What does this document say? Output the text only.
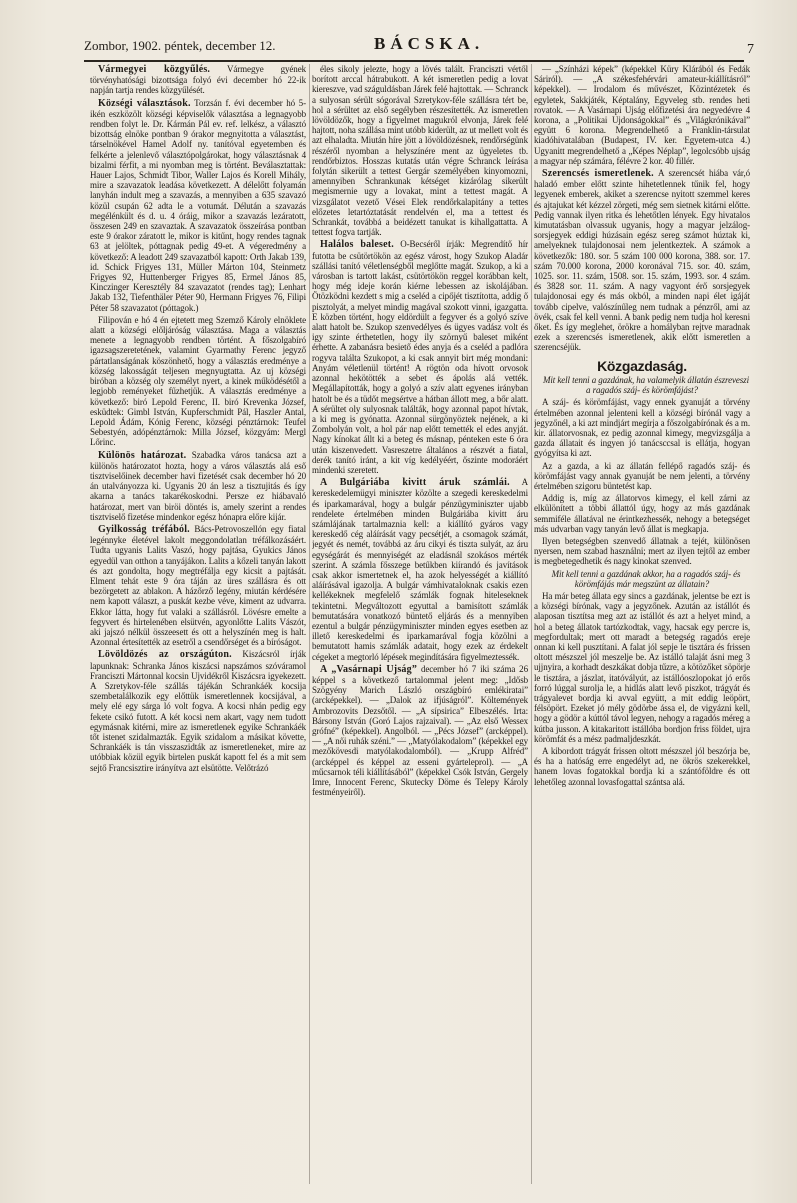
Zombor, 1902. péntek, december 12.	BÁCSKA.	7

Vármegyei közgyűlés. Vármegye gyének törvényhatósági bizottsága folyó évi december hó 22-ik napján tartja rendes közgyűlését.

Községi választások. Torzsán f. évi december hó 5-ikén eszközölt községi képviselők választása a legnagyobb rendben folyt le. Dr. Kármán Pál ev. ref. lelkész, a választó bizottság elnöke pontban 9 órakor megnyitotta a választást, társelnökével Hamel Adolf ny. tanítóval egyetemben és felkérte a jelenlevő választópolgárokat, hogy választásnak 4 bizalmi férfit, a mi nyomban meg is történt. Beválasztattak: Hauer Lajos, Schmidt Tibor, Waller Lajos és Korell Mihály, mire a szavazatok leadása következett. A délelőtt folyamán lanyhán indult meg a szavazás, a mennyiben a 635 szavazó közül csupán 62 adta le a votumát. Délután a szavazás megélénkült és d. u. 4 óráig, mikor a szavazás lezáratott, összesen 249 en szavaztak. A szavazatok összeírása pontban este 9 órakor záratott le, mikor is kitűnt, hogy rendes tagnak 63 at jelöltek, póttagnak pedig 49-et. A végeredmény a következő: A leadott 249 szavazatból kapott: Orth Jakab 139, id. Schick Frigyes 131, Müller Márton 104, Steinmetz Frigyes 92, Huttenberger Frigyes 85, Ermel János 85, Kinczinger Keresztély 84 szavazatot (rendes tag); Lenhart Jakab 132, Tiefenthäler Péter 90, Hermann Frigyes 76, Filipi Péter 58 szavazatot (póttagok.)

Filipován e hó 4 én ejtetett meg Szemző Károly elnöklete alatt a községi előljáróság választása. Maga a választás menete a legnagyobb rendben történt. A főszolgabíró igazsagszeretetének, valamint Gyarmathy Ferenc jegyző pártatlanságának köszönhető, hogy a választás eredménye a község lakosságát teljesen megnyugtatta. Az uj községi biróban a község oly személyt nyert, a kinek működésétől a legjobb reményeket fűzhetjük. A választás eredménye a következő: biró Lepold Ferenc, II. biró Krevenka József, esküdtek: Gimbl István, Kupferschmidt Pál, Haszler Antal, Lepold Ádám, Kónig Ferenc, községi pénztárnok: Teufel Sebestyén, adópénztárnok: Milla József, közgyám: Mergl Lőrinc.

Különös határozat. Szabadka város tanácsa azt a különös határozatot hozta, hogy a város választás alá eső tisztviselőinek december havi fizetését csak december hó 20 án utalványozza ki. Ugyanis 20 án lesz a tisztujitás és így akarna a tanács takarékoskodni. Persze ez hiábavaló határozat, mert van biröi döntés is, amely szerint a rendes tisztviselő fizetése mindenkor egész hónapra előre kijár.

Gyilkosság tréfából. Bács-Petrovoszellón egy fiatal legénnyke életével lakolt meggondolatlan tréfálkozásáért. Tudta ugyanis Lalits Vaszó, hogy pajtása, Gyukics János egyedül van otthon a tanyájákon. Lalits a kőzeli tanyán lakott és azt gondolta, hogy megtréfálja egy kicsit a pajtását. Elment tehát este 9 óra táján az üres szállásra és ott bezörgetett az ablakon. A házőrző legény, miután kérdésére nem kapott választ, a puskát kezbe véve, kiment az udvarra. Ekkor látta, hogy fut valaki a szállásról. Lövésre emelte a fegyvert és hirtelenében elsütvén, agyonlőtte Lalits Vászót, aki jajszó nélkül összeesett és ott a helyszínén meg is halt. Azonnal értesítették az esetről a csendőrséget és a bíróságot.

Lövöldözés az országúton. Kiszácsról írják lapunknak: Schranka János kiszácsi napszámos szóváramol Franciszti Mártonnal kocsin Ujvidékről Kiszácsra igyekezett. A Szretykov-féle szállás tájékán Schrankáék kocsija szembetalálkozik egy előttük ismeretlennek kocsijával, a mely elé egy sárga ló volt fogva. A kocsi nhán pedig egy fekete csikó futott. A két kocsi nem akart, vagy nem tudott egymásnak kitérni, mire az ismeretlenek egyike Schrankáék tőt istenet szidalmazták. Egyik szidalom a másikat követte, Schrankáék is tán visszaszidták az ismeretleneket, mire az utóbbiak közül egyik birtelen puskát kapott fel és a mit sem sejtő Francsisztire irányítva azt elsütötte. Velőtrázó

éles sikoly jelezte, hogy a lövés talált. Franciszti vértől borított arccal hátrabukott. A két ismeretlen pedig a lovat kiereszve, vad száguldásban Járek felé hajtottak. — Schranck a sulyosan sérült sógorával Szretykov-féle szállásra tért be, hol a sérültet az első segélyben részesítették. Az ismeretlen lövöldözők, hogy a figyelmet magukról elvonja, Járek felé hajtott, noha szállása mint utóbb kiderült, az ut mellett volt és azt elhaladta. Miután híre jött a lövöldözésnek, rendőrségünk részéről nyomban a helyszínére ment az ügyeletes tb. rendőrbiztos. Hosszas kutatás után végre Schranck leírása folytán sikerült a tettest Gergár személyében kinyomozni, amennyiben Schrankunak kétséget kizárólag sikerült megismernie ugy a lovakat, mint a tettest magát. A vizsgálatot vezető Vései Elek rendőrkalapitány a tettes előzetes letartóztatását rendelvén el, ma a tettest és Schrankát, továbbá a beidézett tanukat is kihallgattatta. A tettest fogva tartják.

Halálos baleset. O-Becséről írják: Megrendítő hír futotta be csütörtökön az egész várost, hogy Szukop Aladár szállási tanító véletlenségből meglőtte magát. Szukop, a ki a városban is tartott lakást, csütörtökön reggel korábban kelt, hogy még ideje korán kiérne lebessen az iskolájában. Ötözködni kezdett s mig a cseléd a cipőjét tisztította, addig ő pisztolyát, a melyet mindig magával szokott vinni, igazgatta. E közben történt, hogy eldördült a fegyver és a golyó szíve alatt hatolt be. Szukop szenvedélyes és ügyes vadász volt és igy szinte érthetetlen, hogy ily szörnyű baleset miként érhette. A zabanásra besiető édes anyja és a cseléd a padlóra rogyva találta Szukopot, a ki csak annyit birt még mondani: Anyám véletlenül történt! A rögtön oda hívott orvosok azonnal hekötötték a sebet és ápolás alá vették. Megállapították, hogy a golyó a szív alatt egyenes irányban hatolt be és a tüdőt megsértve a hátban állott meg, a bőr alatt. A sérültet oly sulyosnak találták, hogy azonnal papot hívtak, a ki meg is gyónatta. Azonnal sürgönyöztek nejének, a ki Zombolyán volt, a hol pár nap előtt temették el edes anyját. Nagy kínokat állt ki a beteg és másnap, pénteken este 6 óra után kiszenvedett. Vasreszetre általános a részvét a fiatal, derék tanító iránt, a kit víg kedélyéért, őszinte modoráért mindenki szeretett.

A Bulgáriába kivitt áruk számlái. A kereskedelemügyi miniszter közölte a szegedi kereskedelmi és iparkamarával, hogy a bulgár pénzügyminiszter ujabb rendelete értelmében minden Bulgáriába kivitt áru számlájának tartalmaznia kell: a kiállító gyáros vagy kereskedő cég aláírását vagy pecsétjét, a csomagok számát, jegyét és nemét, továbbá az áru cikyi és tiszta sulyát, az áru egységárát és mennyiségét az eladásnál szokásos mérték szerint. A számla fősszege betűkben kiírandó és javítások csak akkor ismertetnek el, ha azok helyességét a kiállító aláírásával igazolja. A bulgár vámhivataloknak csakis ezen kellékeknek megfelelő számlák fognak hiteleseknek tekintetni. Megváltozott egyuttal a bamisított számlák bemutatására vonatkozó büntető eljárás és a mennyiben ezentul a bulgár pénzügyminiszter minden egyes esetben az illető kereskedelmi és iparkamarával fogja közölni a bemutatott hamis számlák adatait, hogy ezek az érdekelt cégeket a megtorló lépések megindítására figyelmeztessék.

A „Vasárnapi Ujság” december hó 7 iki száma 26 képpel s a következő tartalommal jelent meg: „Idősb Szögyény Marich László országbíró emlékiratai” (arcképekkel). — „Dalok az ifjúságról”. Költemények Ambrozovits Dezsőtől. — „A sípsirica” Elbeszélés. Irta: Bársony István (Goró Lajos rajzaival). — „Az első Wessex grófné” (képekkel). Angolból. — „Pécs József” (arcképpel). — „A női ruhák széni.” — „Matyólakodalom” (képekkel egy mezőkövesdi matyólakodalomból). — „Krupp Alfréd” (arcképpel és képpel az esseni gyárteleprol). — „A műcsarnok téli kiállításából” (képekkel Csók István, Gergely Imre, Innocent Ferenc, Skutecky Döme és Telepy Károly festményeiről).

— „Színházi képek” (képekkel Küry Klárából és Fedák Sáriról). — „A székesfehérvári amateur-kiállításról” képekkel). — Irodalom és művészet, Közintézetek és egyletek, Sakkjáték, Képtalány, Egyveleg stb. rendes heti rovatok. — A Vasárnapi Ujság előfizetési ára negyedévre 4 korona, a „Politikai Ujdonságokkal” és „Világkrónikával” együtt 6 korona. Megrendelhető a Franklin-társulat kiadóhivatalában (Budapest, IV. ker. Egyetem-utca 4.) Ugyanitt megrendelhető a „Képes Néplap”, legolcsóbb ujság a magyar nép számára, félévre 2 kor. 40 fillér.

Szerencsés ismeretlenek. A szerencsét hiába vár,ó haladó ember előtt szinte hihetetlennek tűnik fel, hogy legyenek emberek, akiket a szerencse nyitott szemmel keres és ajtajukat két kézzel zörgeti, még sem sietnek kitárni előtte. Pedig vannak ilyen ritka és lehetőtlen lények. Egy hivatalos kimutatásban olvassuk ugyanis, hogy a magyar jelzálog-sorsjegyek eddigi húzásain egész sereg számot húztak ki, amelyeknek tulajdonosai nem jelentkeztek. A számok a következők: 180. sor. 5 szám 100 000 korona, 388. sor. 17. szám 70.000 korona, 2000 koronával 715. sor. 40. szám, 1025. sor. 11. szám, 1508. sor. 15. szám, 1993. sor. 4 szám. és 3828 sor. 11. szám. A nagy vagyont érő sorsjegyek tulajdonosai egy és más okból, a minden napi élet igáját tovább cipelve, valószínűleg nem tudnak a pénzről, ami az övék, csak fel kell venni. A bank pedig nem tudja hol keresni őket. És így meglehet, örökre a homályban rejtve maradnak ezek a szerencsés ismeretlenek, akik előtt ismeretlen a szerencséjük.

Közgazdaság.

Mit kell tenni a gazdának, ha valamelyik állatán észreveszi a ragadós száj- és körömfájást?

A száj- és körömfájást, vagy ennek gyanuját a törvény értelmében azonnal jelenteni kell a községi bírónál vagy a jegyzőnél, a ki azt mindjárt megírja a főszolgabírónak és a m. kir. állatorvosnak, ez pedig azonnal kimegy, megvizsgálja a gazda állatait és ingyen jó tanácsccsal is ellátja, hogyan gyógyítsa ki azt.

Az a gazda, a ki az állatán fellépő ragadós száj- és körömfájást vagy annak gyanuját be nem jelenti, a törvény értelmében szigoru büntetést kap.

Addig is, míg az állatorvos kimegy, el kell zárni az elkülönített a többi állattól úgy, hogy az más gazdának semmiféle állatával ne érintkezhessék, nehogy a betegséget más udvarban vagy tanyán levő állat is megkapja.

Ilyen betegségben szenvedő állatnak a tejét, különösen nyersen, nem szabad használni; mert az ilyen tejtől az ember is megbetegedhetik és nagy kinokat szenved.

Mit kell tenni a gazdának akkor, ha a ragadós száj- és körömfájás már megszünt az állatain?

Ha már beteg állata egy sincs a gazdának, jelentse be ezt is a községi bírónak, vagy a jegyzőnek. Azután az istállót és alaposan tisztítsa meg azt az istállót és azt a helyet mind, a hol a beteg állatok tartózkodtak, vagy, hacsak egy percre is, megfordultak; mert ott maradt a betegség ragadós ereje onnan ki kell pusztítani. A falat jól sepje le tisztára és frissen oltott mészszel jól meszelje be. Az istálló talaját ásni meg 3 ujjnyira, a korhadt deszkákat dobja tűzre, a kötözőket söpörje le tisztára, a jászlat, itatóvályút, az istállóoszlopokat jó erős forró lúggal surolja le, a hidlás alatt levő piszkot, trágyát és trágyalevet bordja ki avval együtt, a mit eddig leöpört, félsöpört. Ezeket jó mély gödörbe ássa el, de vigyázni kell, hogy a gödör a kúttól távol legyen, nehogy a ragadós méreg a kútba jusson. A kitakaritott istállóba bordjon friss földet, ujra körömfát és a mész padmaljdeszkát.

A kibordott trágyát frissen oltott mészszel jól beszórja be, és ha a hatóság erre engedélyt ad, ne ökrös szekerekkel, hanem lovas fogatokkal bordja ki a szántóföldre és ott lehetőleg azonnal lovasfogattal szántsa alá.
